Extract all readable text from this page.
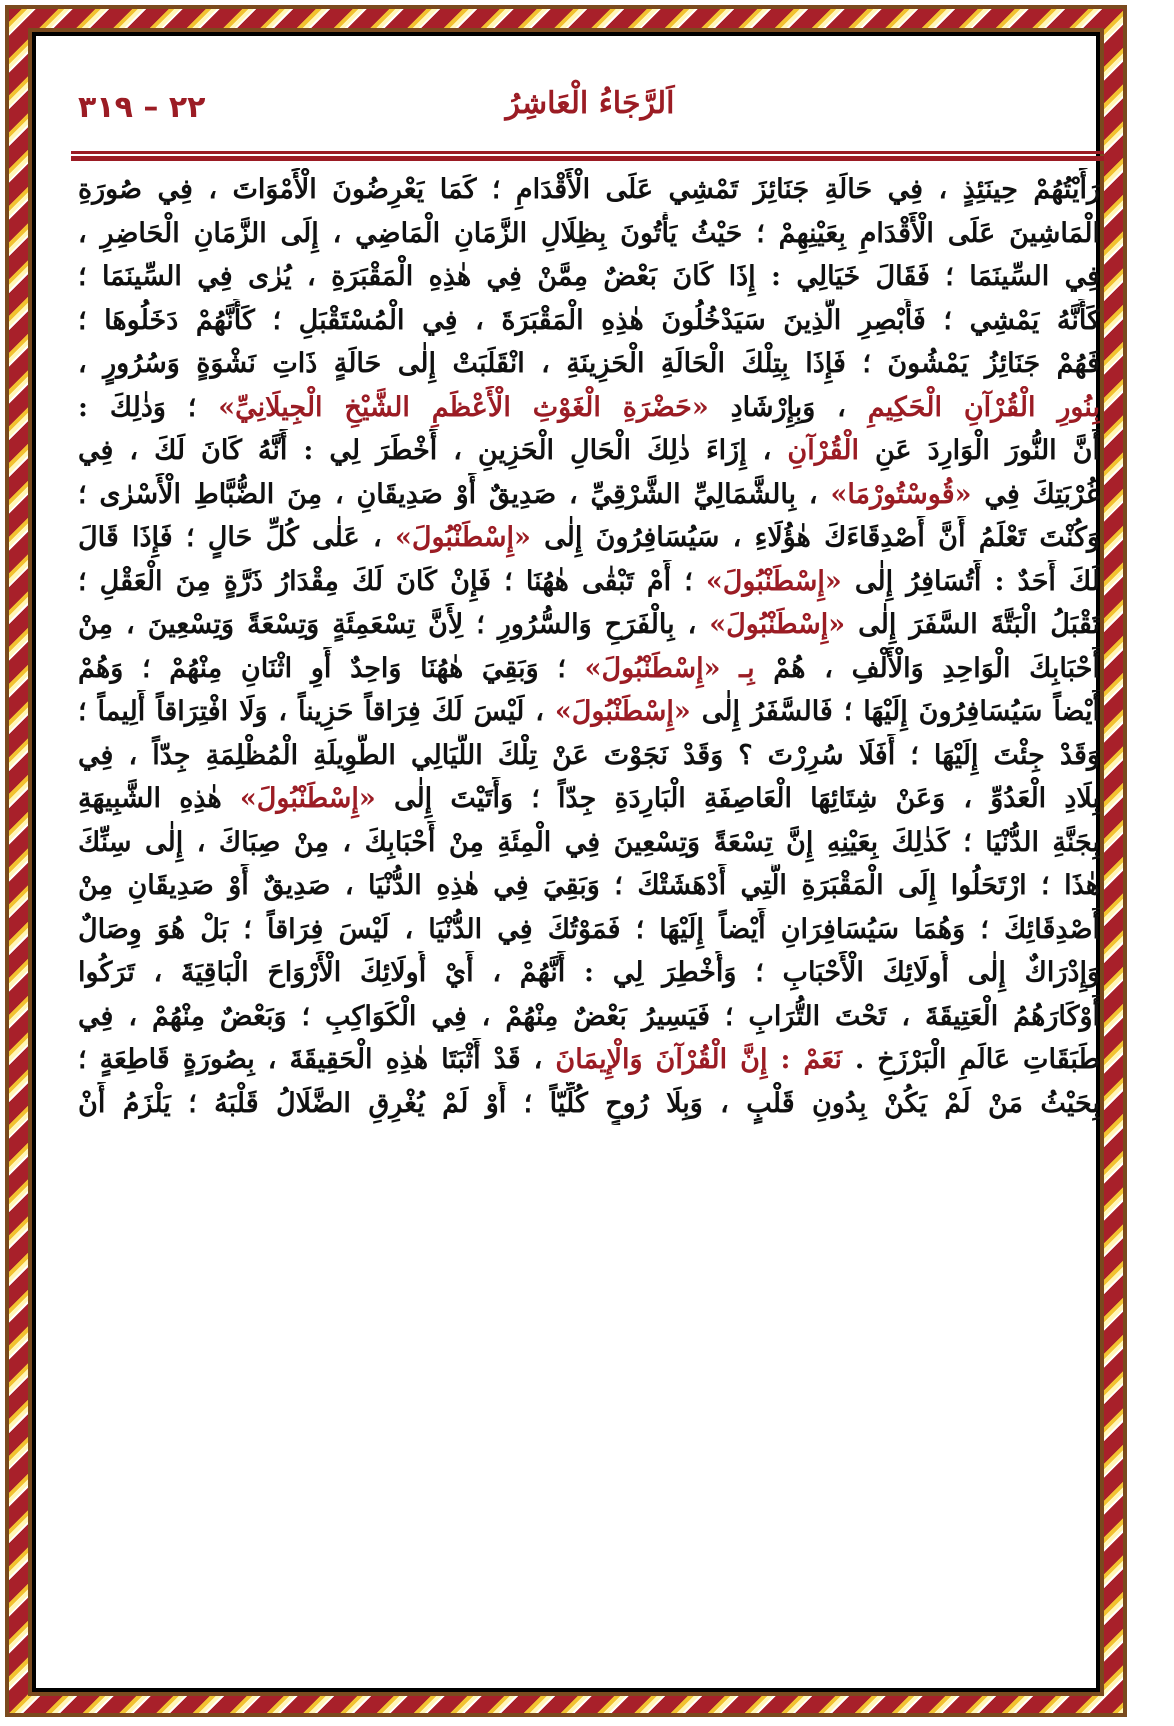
٢٢ – ٣١٩	اَلرَّجَاءُ الْعَاشِرُ
رَأَيْتُهُمْ حِينَئِذٍ ، فِي حَالَةِ جَنَائِزَ تَمْشِي عَلَى الْأَقْدَامِ ؛ كَمَا يَعْرِضُونَ الْأَمْوَاتَ ، فِي صُورَةِ
الْمَاشِينَ عَلَى الْأَقْدَامِ بِعَيْنِهِمْ ؛ حَيْثُ يَأْتُونَ بِظِلَالِ الزَّمَانِ الْمَاضِي ، إِلَى الزَّمَانِ الْحَاضِرِ ،
فِي السِّينَمَا ؛ فَقَالَ خَيَالِي : إِذَا كَانَ بَعْضٌ مِمَّنْ فِي هٰذِهِ الْمَقْبَرَةِ ، يُرٰى فِي السِّينَمَا ؛
كَأَنَّهُ يَمْشِي ؛ فَأَبْصِرِ الَّذِينَ سَيَدْخُلُونَ هٰذِهِ الْمَقْبَرَةَ ، فِي الْمُسْتَقْبَلِ ؛ كَأَنَّهُمْ دَخَلُوهَا ؛
فَهُمْ جَنَائِزُ يَمْشُونَ ؛ فَإِذَا بِتِلْكَ الْحَالَةِ الْحَزِينَةِ ، انْقَلَبَتْ إِلٰى حَالَةٍ ذَاتِ نَشْوَةٍ وَسُرُورٍ ،
بِنُورِ الْقُرْآنِ الْحَكِيمِ ، وَبِإِرْشَادِ «حَضْرَةِ الْغَوْثِ الْأَعْظَمِ الشَّيْخِ الْجِيلَانِيِّ» ؛ وَذٰلِكَ :
أَنَّ النُّورَ الْوَارِدَ عَنِ الْقُرْآنِ ، إِزَاءَ ذٰلِكَ الْحَالِ الْحَزِينِ ، أَخْطَرَ لِي : أَنَّهُ كَانَ لَكَ ، فِي
غُرْبَتِكَ فِي «قُوسْتُورْمَا» ، بِالشَّمَالِيِّ الشَّرْقِيِّ ، صَدِيقٌ أَوْ صَدِيقَانِ ، مِنَ الضُّبَّاطِ الْأَسْرٰى ؛
وَكُنْتَ تَعْلَمُ أَنَّ أَصْدِقَاءَكَ هٰؤُلَاءِ ، سَيُسَافِرُونَ إِلٰى «إِسْطَنْبُولَ» ، عَلٰى كُلِّ حَالٍ ؛ فَإِذَا قَالَ
لَكَ أَحَدٌ : أَتُسَافِرُ إِلٰى «إِسْطَنْبُولَ» ؛ أَمْ تَبْقٰى هٰهُنَا ؛ فَإِنْ كَانَ لَكَ مِقْدَارُ ذَرَّةٍ مِنَ الْعَقْلِ ؛
تَقْبَلُ الْبَتَّةَ السَّفَرَ إِلٰى «إِسْطَنْبُولَ» ، بِالْفَرَحِ وَالسُّرُورِ ؛ لِأَنَّ تِسْعَمِئَةٍ وَتِسْعَةً وَتِسْعِينَ ، مِنْ
أَحْبَابِكَ الْوَاحِدِ وَالْأَلْفِ ، هُمْ بِـ «إِسْطَنْبُولَ» ؛ وَبَقِيَ هٰهُنَا وَاحِدٌ أَوِ اثْنَانِ مِنْهُمْ ؛ وَهُمْ
أَيْضاً سَيُسَافِرُونَ إِلَيْهَا ؛ فَالسَّفَرُ إِلٰى «إِسْطَنْبُولَ» ، لَيْسَ لَكَ فِرَاقاً حَزِيناً ، وَلَا افْتِرَاقاً أَلِيماً ؛
وَقَدْ جِئْتَ إِلَيْهَا ؛ أَفَلَا سُرِرْتَ ؟ وَقَدْ نَجَوْتَ عَنْ تِلْكَ اللَّيَالِي الطَّوِيلَةِ الْمُظْلِمَةِ جِدّاً ، فِي
بِلَادِ الْعَدُوِّ ، وَعَنْ شِتَائِهَا الْعَاصِفَةِ الْبَارِدَةِ جِدّاً ؛ وَأَتَيْتَ إِلٰى «إِسْطَنْبُولَ» هٰذِهِ الشَّبِيهَةِ
بِجَنَّةِ الدُّنْيَا ؛ كَذٰلِكَ بِعَيْنِهِ إِنَّ تِسْعَةً وَتِسْعِينَ فِي الْمِئَةِ مِنْ أَحْبَابِكَ ، مِنْ صِبَاكَ ، إِلٰى سِنِّكَ
هٰذَا ؛ ارْتَحَلُوا إِلَى الْمَقْبَرَةِ الَّتِي أَدْهَشَتْكَ ؛ وَبَقِيَ فِي هٰذِهِ الدُّنْيَا ، صَدِيقٌ أَوْ صَدِيقَانِ مِنْ
أَصْدِقَائِكَ ؛ وَهُمَا سَيُسَافِرَانِ أَيْضاً إِلَيْهَا ؛ فَمَوْتُكَ فِي الدُّنْيَا ، لَيْسَ فِرَاقاً ؛ بَلْ هُوَ وِصَالٌ
وَإِدْرَاكٌ إِلٰى أُولَائِكَ الْأَحْبَابِ ؛ وَأُخْطِرَ لِي : أَنَّهُمْ ، أَيْ أُولَائِكَ الْأَرْوَاحَ الْبَاقِيَةَ ، تَرَكُوا
أَوْكَارَهُمُ الْعَتِيقَةَ ، تَحْتَ التُّرَابِ ؛ فَيَسِيرُ بَعْضٌ مِنْهُمْ ، فِي الْكَوَاكِبِ ؛ وَبَعْضٌ مِنْهُمْ ، فِي
طَبَقَاتِ عَالَمِ الْبَرْزَخِ . نَعَمْ : إِنَّ الْقُرْآنَ وَالْإِيمَانَ ، قَدْ أَثْبَتَا هٰذِهِ الْحَقِيقَةَ ، بِصُورَةٍ قَاطِعَةٍ ؛
بِحَيْثُ مَنْ لَمْ يَكُنْ بِدُونِ قَلْبٍ ، وَبِلَا رُوحٍ كُلِّيّاً ؛ أَوْ لَمْ يُغْرِقِ الضَّلَالُ قَلْبَهُ ؛ يَلْزَمُ أَنْ
